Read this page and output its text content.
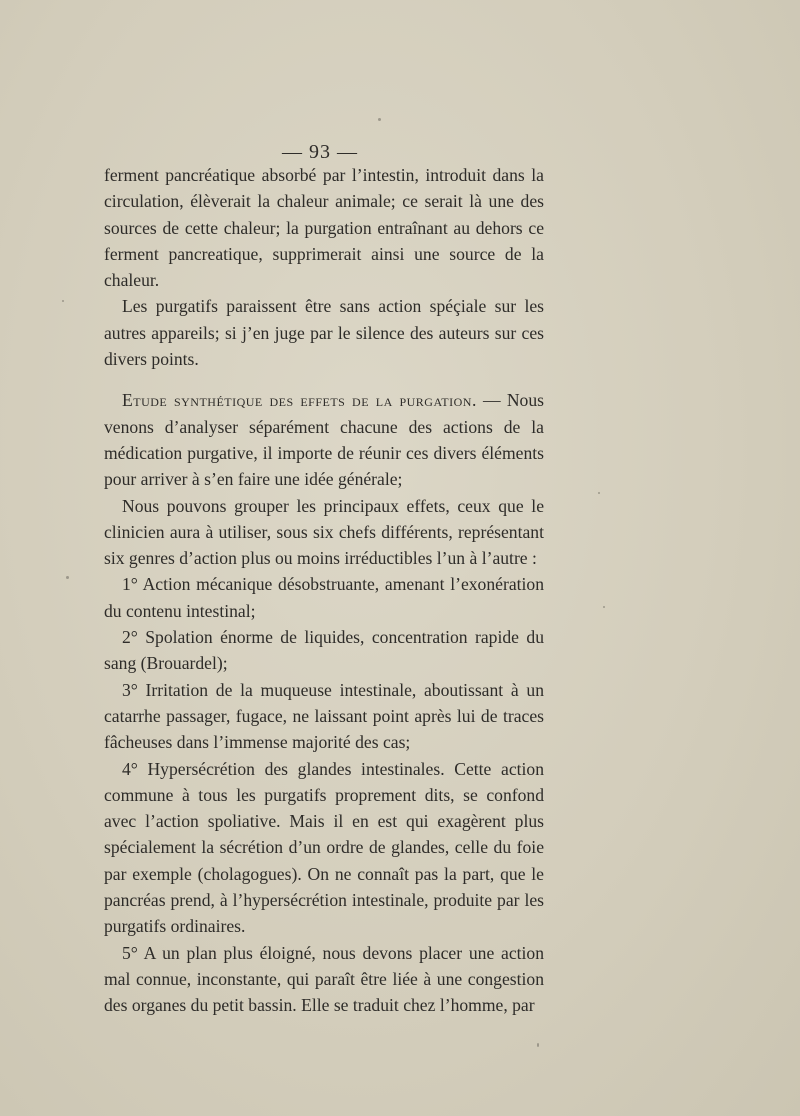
— 93 —

ferment pancréatique absorbé par l’intestin, introduit dans la circulation, élèverait la chaleur animale; ce serait là une des sources de cette chaleur; la purgation entraînant au dehors ce ferment pancreatique, supprimerait ainsi une source de la chaleur.

Les purgatifs paraissent être sans action spéçiale sur les autres appareils; si j’en juge par le silence des auteurs sur ces divers points.

Etude synthétique des effets de la purgation. — Nous venons d’analyser séparément chacune des actions de la médication purgative, il importe de réunir ces divers éléments pour arriver à s’en faire une idée générale;

Nous pouvons grouper les principaux effets, ceux que le clinicien aura à utiliser, sous six chefs différents, représentant six genres d’action plus ou moins irréductibles l’un à l’autre :

1° Action mécanique désobstruante, amenant l’exonération du contenu intestinal;

2° Spolation énorme de liquides, concentration rapide du sang (Brouardel);

3° Irritation de la muqueuse intestinale, aboutissant à un catarrhe passager, fugace, ne laissant point après lui de traces fâcheuses dans l’immense majorité des cas;

4° Hypersécrétion des glandes intestinales. Cette action commune à tous les purgatifs proprement dits, se confond avec l’action spoliative. Mais il en est qui exagèrent plus spécialement la sécrétion d’un ordre de glandes, celle du foie par exemple (cholagogues). On ne connaît pas la part, que le pancréas prend, à l’hypersécrétion intestinale, produite par les purgatifs ordinaires.

5° A un plan plus éloigné, nous devons placer une action mal connue, inconstante, qui paraît être liée à une congestion des organes du petit bassin. Elle se traduit chez l’homme, par
